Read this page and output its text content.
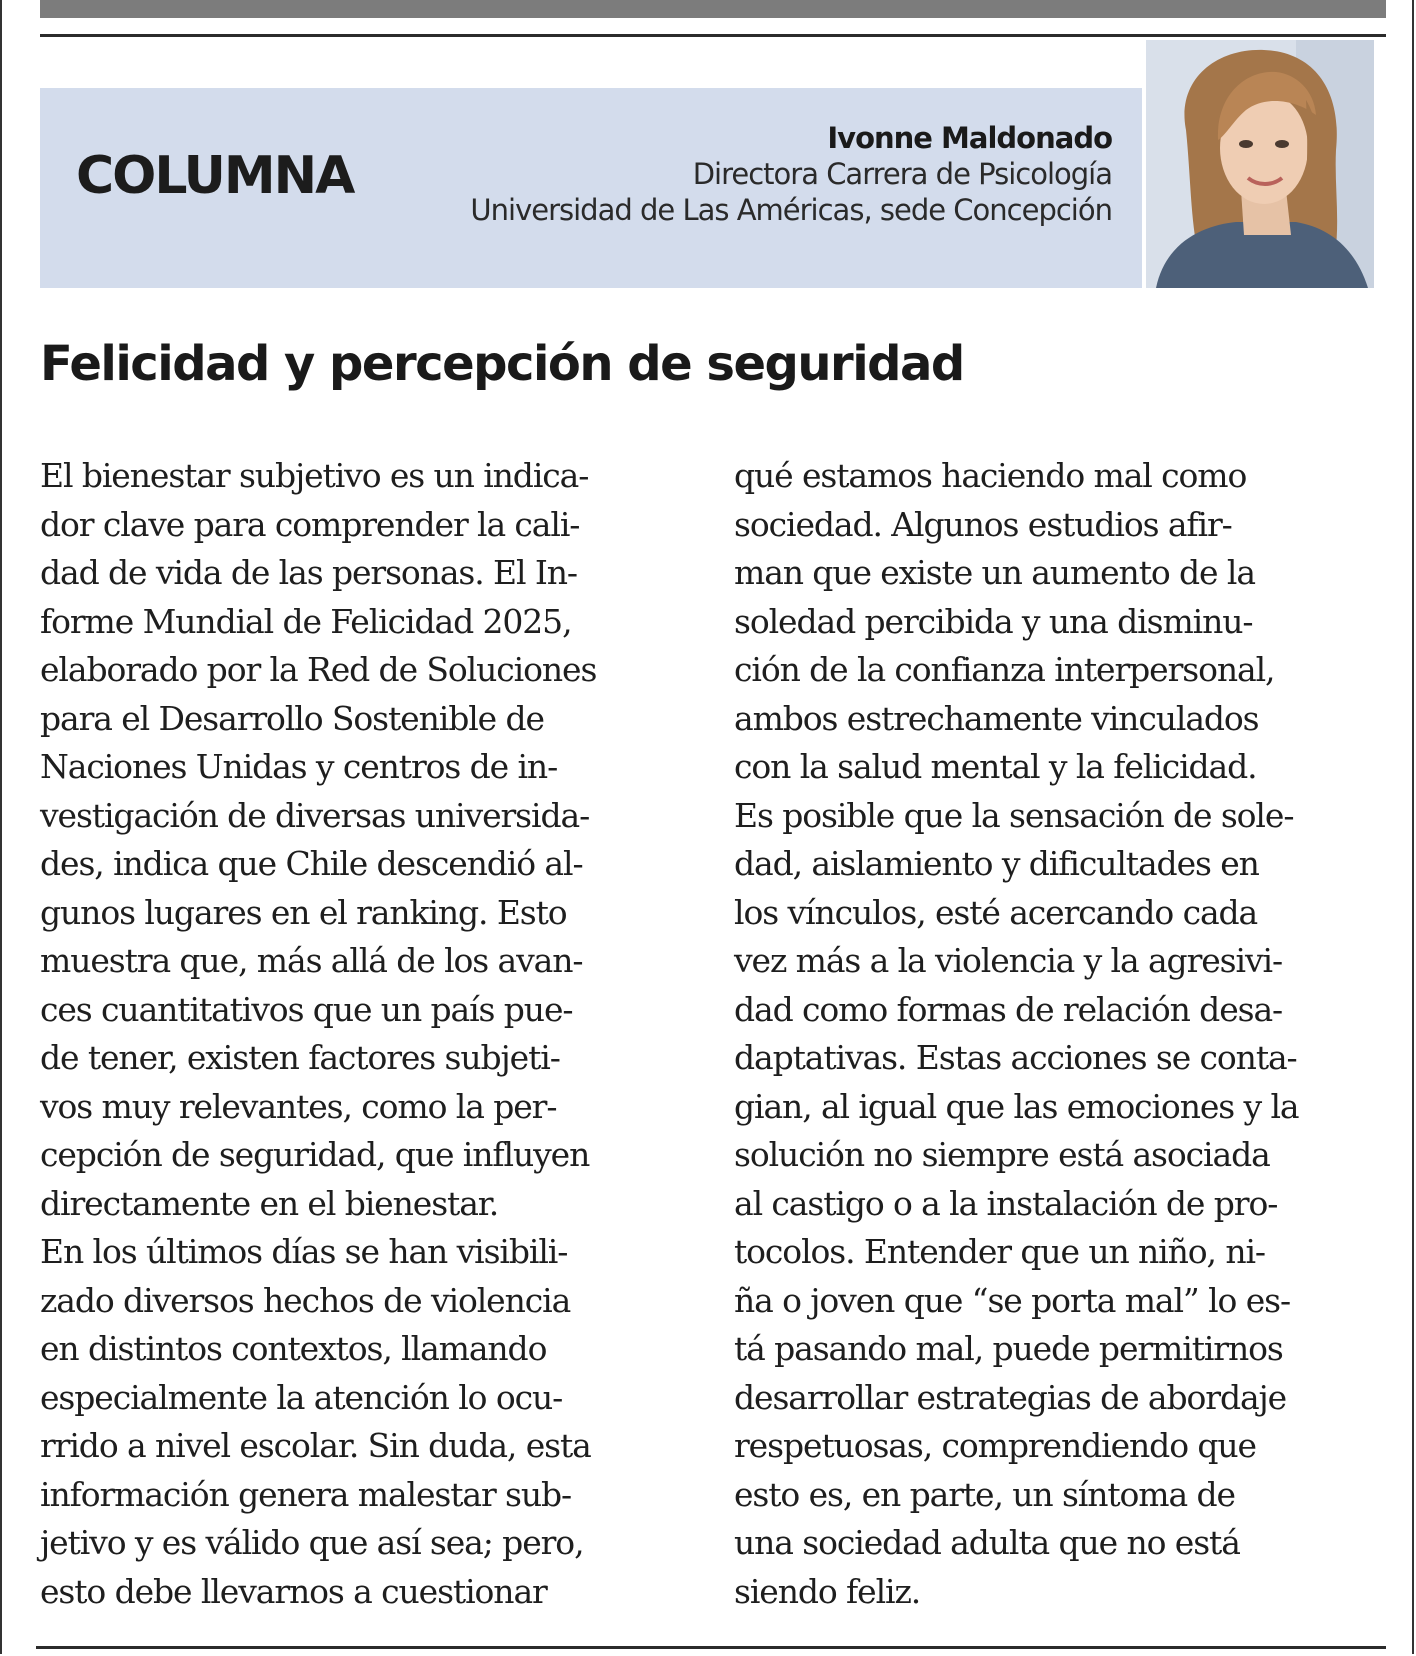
COLUMNA
Ivonne Maldonado
Directora Carrera de Psicología
Universidad de Las Américas, sede Concepción
Felicidad y percepción de seguridad
El bienestar subjetivo es un indica-
dor clave para comprender la cali-
dad de vida de las personas. El In-
forme Mundial de Felicidad 2025,
elaborado por la Red de Soluciones
para el Desarrollo Sostenible de
Naciones Unidas y centros de in-
vestigación de diversas universida-
des, indica que Chile descendió al-
gunos lugares en el ranking. Esto
muestra que, más allá de los avan-
ces cuantitativos que un país pue-
de tener, existen factores subjeti-
vos muy relevantes, como la per-
cepción de seguridad, que influyen
directamente en el bienestar.
En los últimos días se han visibili-
zado diversos hechos de violencia
en distintos contextos, llamando
especialmente la atención lo ocu-
rrido a nivel escolar. Sin duda, esta
información genera malestar sub-
jetivo y es válido que así sea; pero,
esto debe llevarnos a cuestionar
qué estamos haciendo mal como
sociedad. Algunos estudios afir-
man que existe un aumento de la
soledad percibida y una disminu-
ción de la confianza interpersonal,
ambos estrechamente vinculados
con la salud mental y la felicidad.
Es posible que la sensación de sole-
dad, aislamiento y dificultades en
los vínculos, esté acercando cada
vez más a la violencia y la agresivi-
dad como formas de relación desa-
daptativas. Estas acciones se conta-
gian, al igual que las emociones y la
solución no siempre está asociada
al castigo o a la instalación de pro-
tocolos. Entender que un niño, ni-
ña o joven que “se porta mal” lo es-
tá pasando mal, puede permitirnos
desarrollar estrategias de abordaje
respetuosas, comprendiendo que
esto es, en parte, un síntoma de
una sociedad adulta que no está
siendo feliz.
